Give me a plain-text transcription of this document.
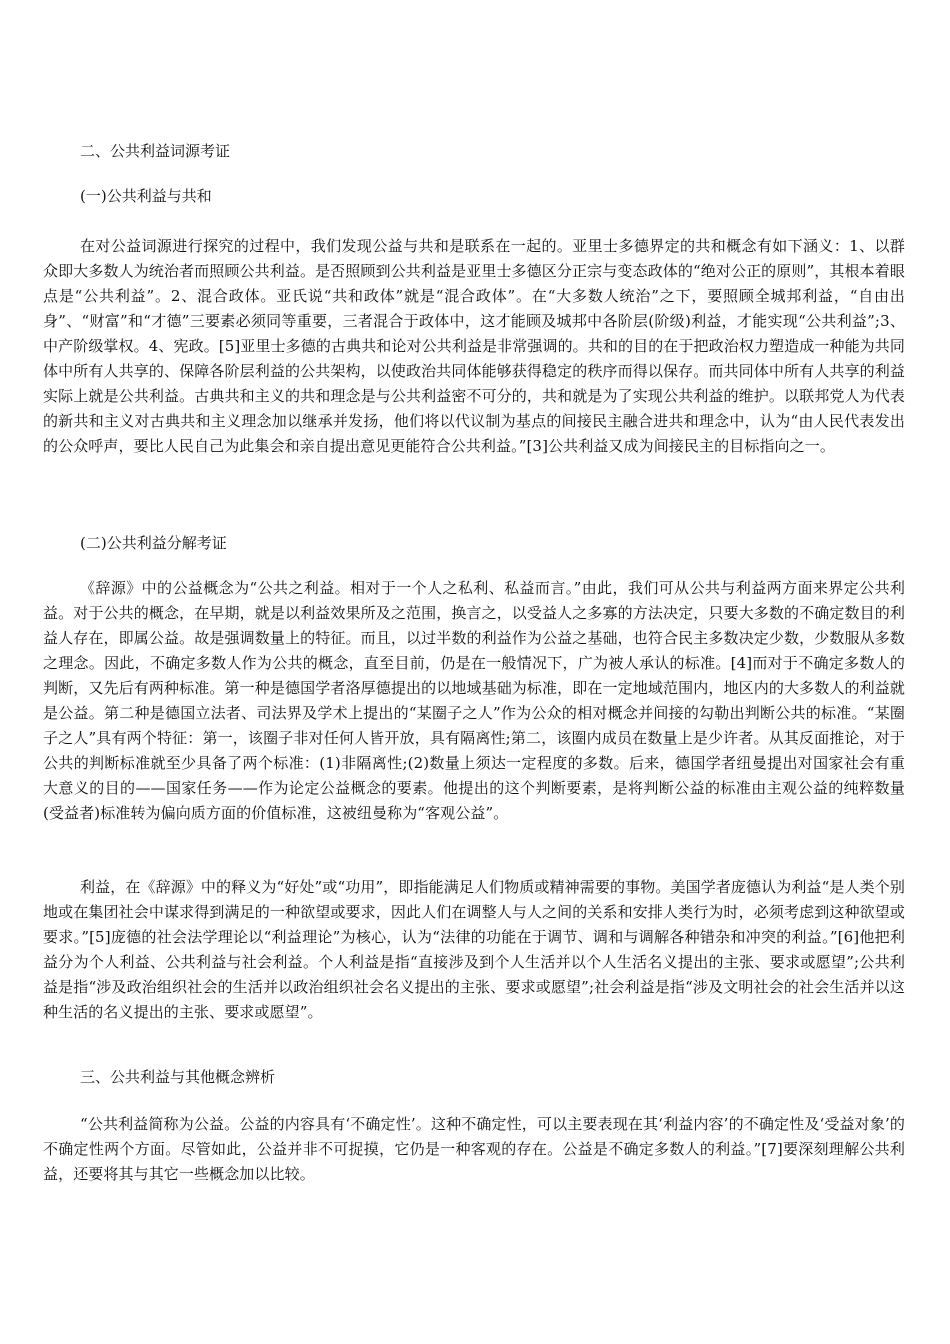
二、公共利益词源考证
(一)公共利益与共和

在对公益词源进行探究的过程中，我们发现公益与共和是联系在一起的。亚里士多德界定的共和概念有如下涵义：1、以群众即大多数人为统治者而照顾公共利益。是否照顾到公共利益是亚里士多德区分正宗与变态政体的“绝对公正的原则”，其根本着眼点是“公共利益”。2、混合政体。亚氏说“共和政体”就是“混合政体”。在“大多数人统治”之下，要照顾全城邦利益，“自由出身”、“财富”和“才德”三要素必须同等重要，三者混合于政体中，这才能顾及城邦中各阶层(阶级)利益，才能实现“公共利益”;3、中产阶级掌权。4、宪政。[5]亚里士多德的古典共和论对公共利益是非常强调的。共和的目的在于把政治权力塑造成一种能为共同体中所有人共享的、保障各阶层利益的公共架构，以使政治共同体能够获得稳定的秩序而得以保存。而共同体中所有人共享的利益实际上就是公共利益。古典共和主义的共和理念是与公共利益密不可分的，共和就是为了实现公共利益的维护。以联邦党人为代表的新共和主义对古典共和主义理念加以继承并发扬，他们将以代议制为基点的间接民主融合进共和理念中，认为“由人民代表发出的公众呼声，要比人民自己为此集会和亲自提出意见更能符合公共利益。”[3]公共利益又成为间接民主的目标指向之一。

(二)公共利益分解考证

《辞源》中的公益概念为“公共之利益。相对于一个人之私利、私益而言。”由此，我们可从公共与利益两方面来界定公共利益。对于公共的概念，在早期，就是以利益效果所及之范围，换言之，以受益人之多寡的方法决定，只要大多数的不确定数目的利益人存在，即属公益。故是强调数量上的特征。而且，以过半数的利益作为公益之基础，也符合民主多数决定少数，少数服从多数之理念。因此，不确定多数人作为公共的概念，直至目前，仍是在一般情况下，广为被人承认的标准。[4]而对于不确定多数人的判断，又先后有两种标准。第一种是德国学者洛厚德提出的以地域基础为标准，即在一定地域范围内，地区内的大多数人的利益就是公益。第二种是德国立法者、司法界及学术上提出的“某圈子之人”作为公众的相对概念并间接的勾勒出判断公共的标准。“某圈子之人”具有两个特征：第一，该圈子非对任何人皆开放，具有隔离性;第二，该圈内成员在数量上是少许者。从其反面推论，对于公共的判断标准就至少具备了两个标准：(1)非隔离性;(2)数量上须达一定程度的多数。后来，德国学者纽曼提出对国家社会有重大意义的目的——国家任务——作为论定公益概念的要素。他提出的这个判断要素，是将判断公益的标准由主观公益的纯粹数量(受益者)标准转为偏向质方面的价值标准，这被纽曼称为“客观公益”。

利益，在《辞源》中的释义为“好处”或“功用”，即指能满足人们物质或精神需要的事物。美国学者庞德认为利益“是人类个别地或在集团社会中谋求得到满足的一种欲望或要求，因此人们在调整人与人之间的关系和安排人类行为时，必须考虑到这种欲望或要求。”[5]庞德的社会法学理论以“利益理论”为核心，认为“法律的功能在于调节、调和与调解各种错杂和冲突的利益。”[6]他把利益分为个人利益、公共利益与社会利益。个人利益是指“直接涉及到个人生活并以个人生活名义提出的主张、要求或愿望”;公共利益是指“涉及政治组织社会的生活并以政治组织社会名义提出的主张、要求或愿望”;社会利益是指“涉及文明社会的社会生活并以这种生活的名义提出的主张、要求或愿望”。

三、公共利益与其他概念辨析

“公共利益简称为公益。公益的内容具有‘不确定性’。这种不确定性，可以主要表现在其‘利益内容’的不确定性及‘受益对象’的不确定性两个方面。尽管如此，公益并非不可捉摸，它仍是一种客观的存在。公益是不确定多数人的利益。”[7]要深刻理解公共利益，还要将其与其它一些概念加以比较。
